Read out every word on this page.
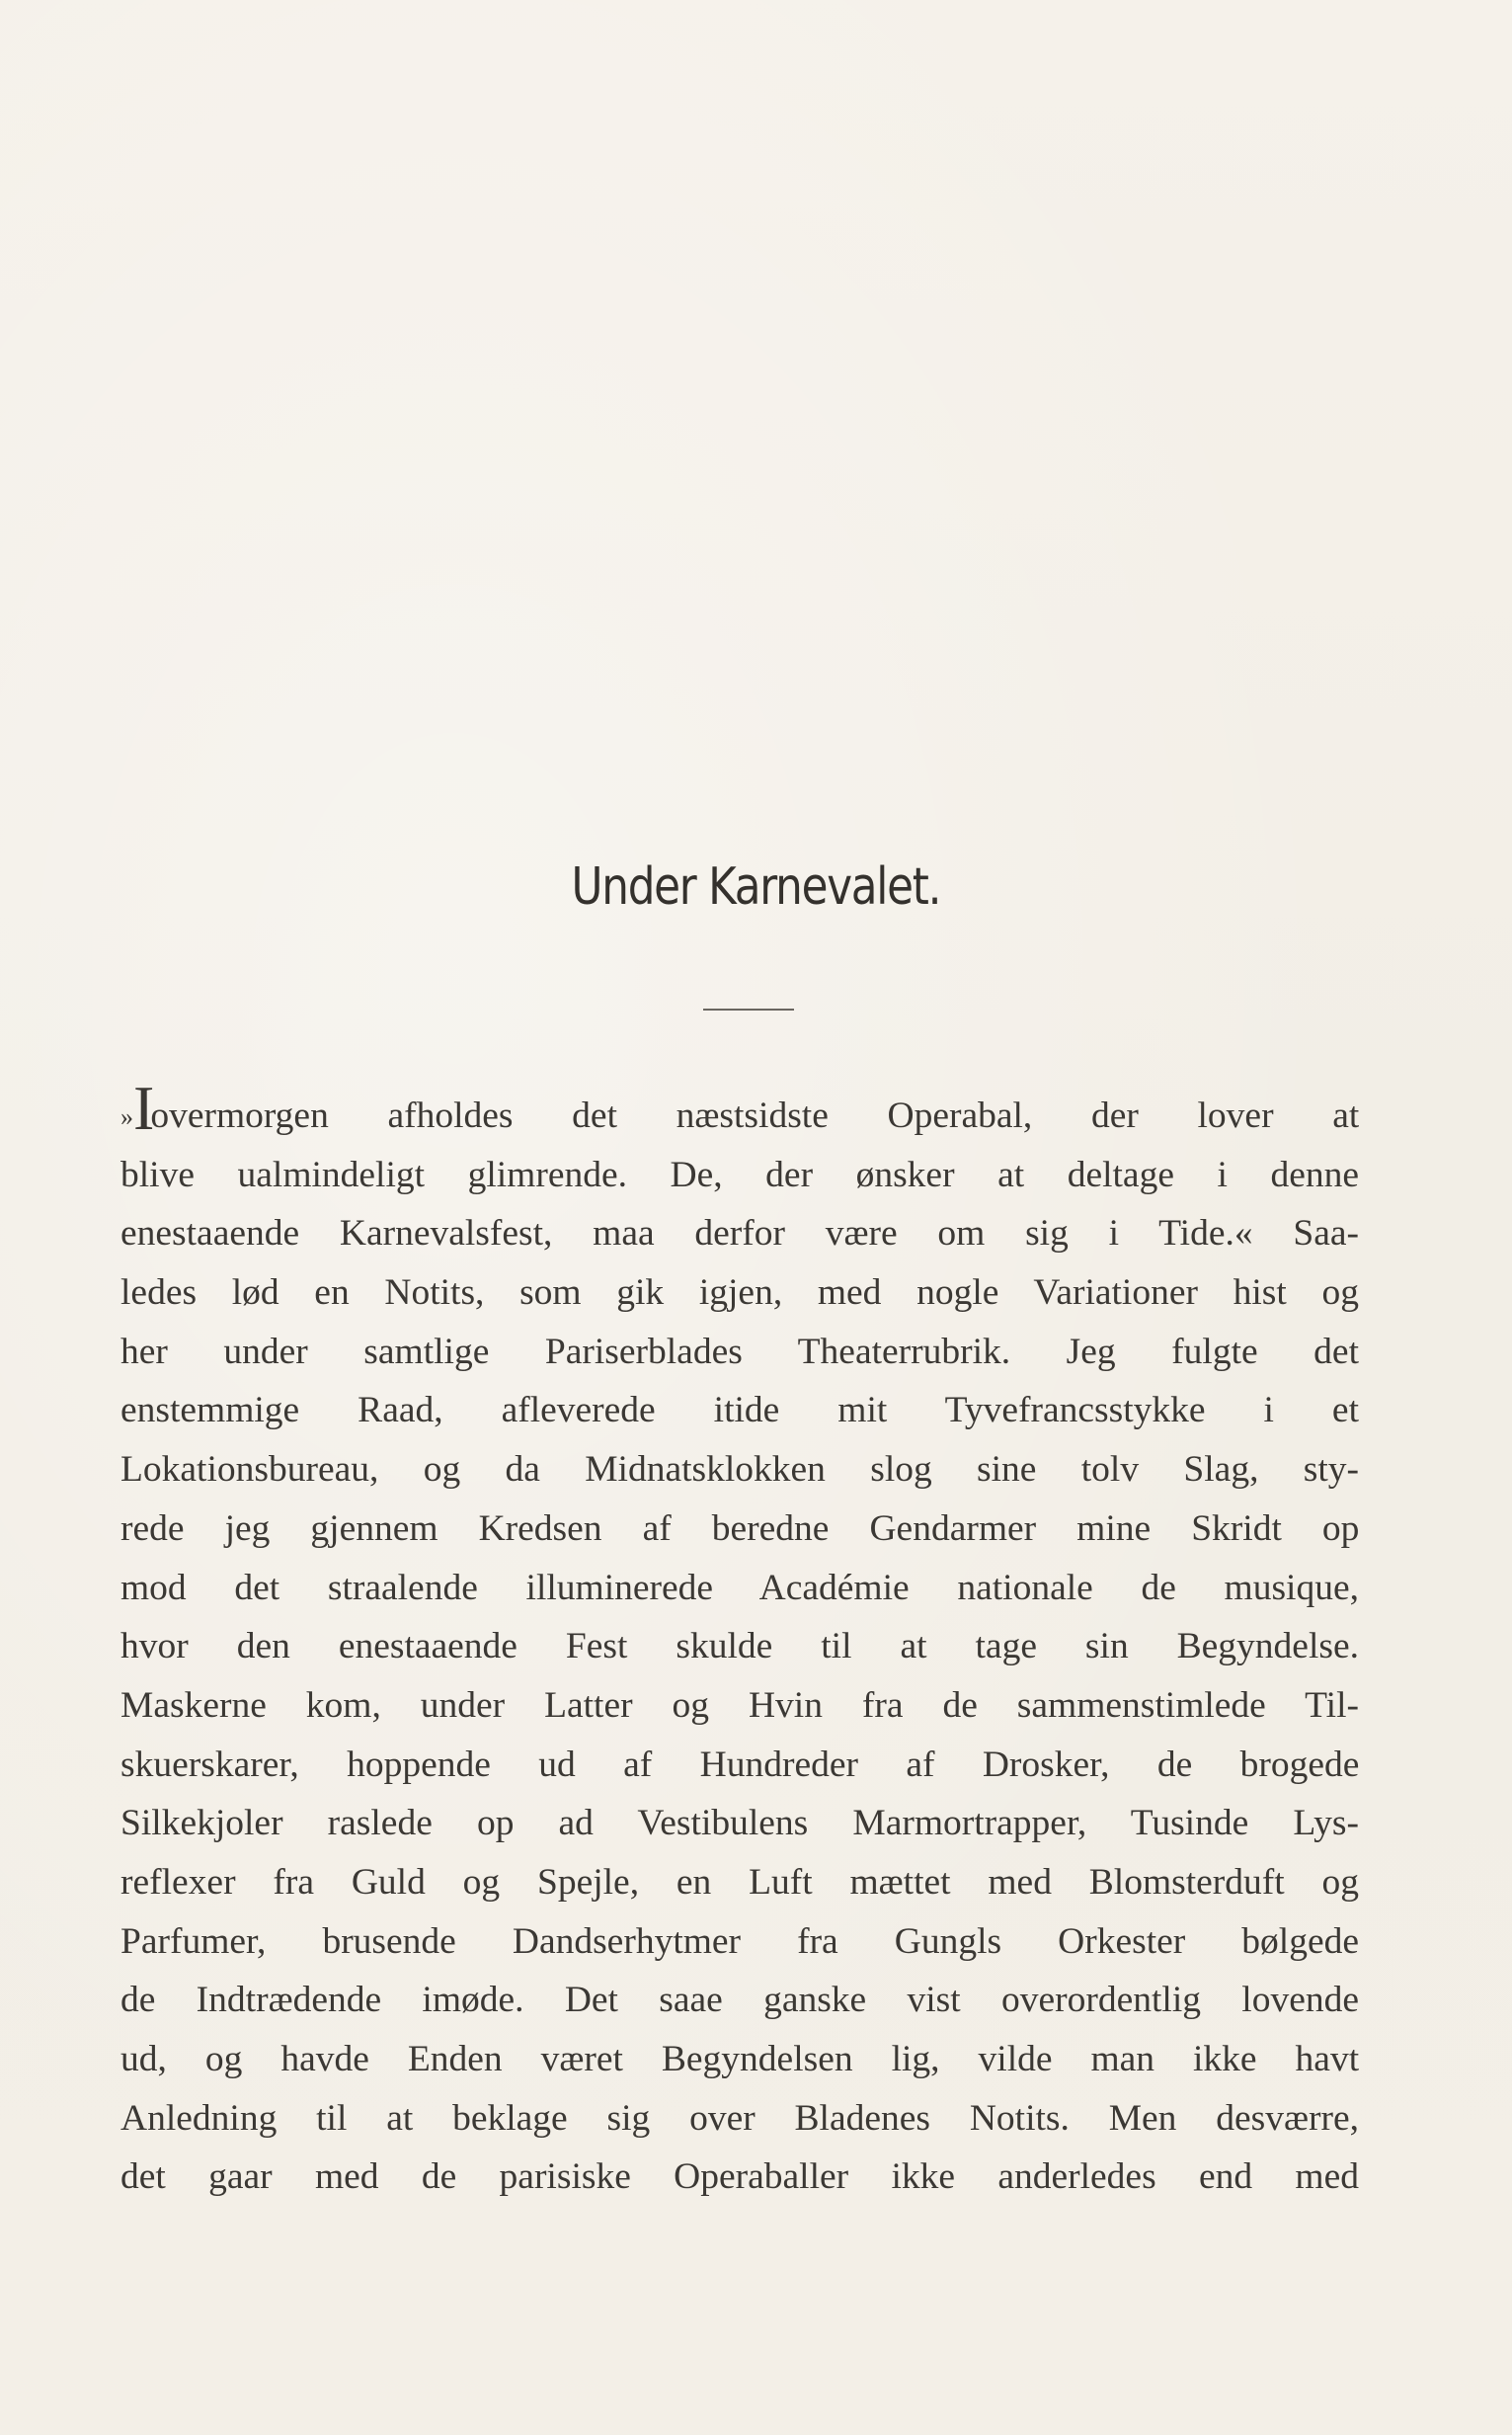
Under Karnevalet.
»Iovermorgen afholdes det næstsidste Operabal, der lover at
blive ualmindeligt glimrende. De, der ønsker at deltage i denne
enestaaende Karnevalsfest, maa derfor være om sig i Tide.« Saa-
ledes lød en Notits, som gik igjen, med nogle Variationer hist og
her under samtlige Pariserblades Theaterrubrik. Jeg fulgte det
enstemmige Raad, afleverede itide mit Tyvefrancsstykke i et
Lokationsbureau, og da Midnatsklokken slog sine tolv Slag, sty-
rede jeg gjennem Kredsen af beredne Gendarmer mine Skridt op
mod det straalende illuminerede Académie nationale de musique,
hvor den enestaaende Fest skulde til at tage sin Begyndelse.
Maskerne kom, under Latter og Hvin fra de sammenstimlede Til-
skuerskarer, hoppende ud af Hundreder af Drosker, de brogede
Silkekjoler raslede op ad Vestibulens Marmortrapper, Tusinde Lys-
reflexer fra Guld og Spejle, en Luft mættet med Blomsterduft og
Parfumer, brusende Dandserhytmer fra Gungls Orkester bølgede
de Indtrædende imøde. Det saae ganske vist overordentlig lovende
ud, og havde Enden været Begyndelsen lig, vilde man ikke havt
Anledning til at beklage sig over Bladenes Notits. Men desværre,
det gaar med de parisiske Operaballer ikke anderledes end med
